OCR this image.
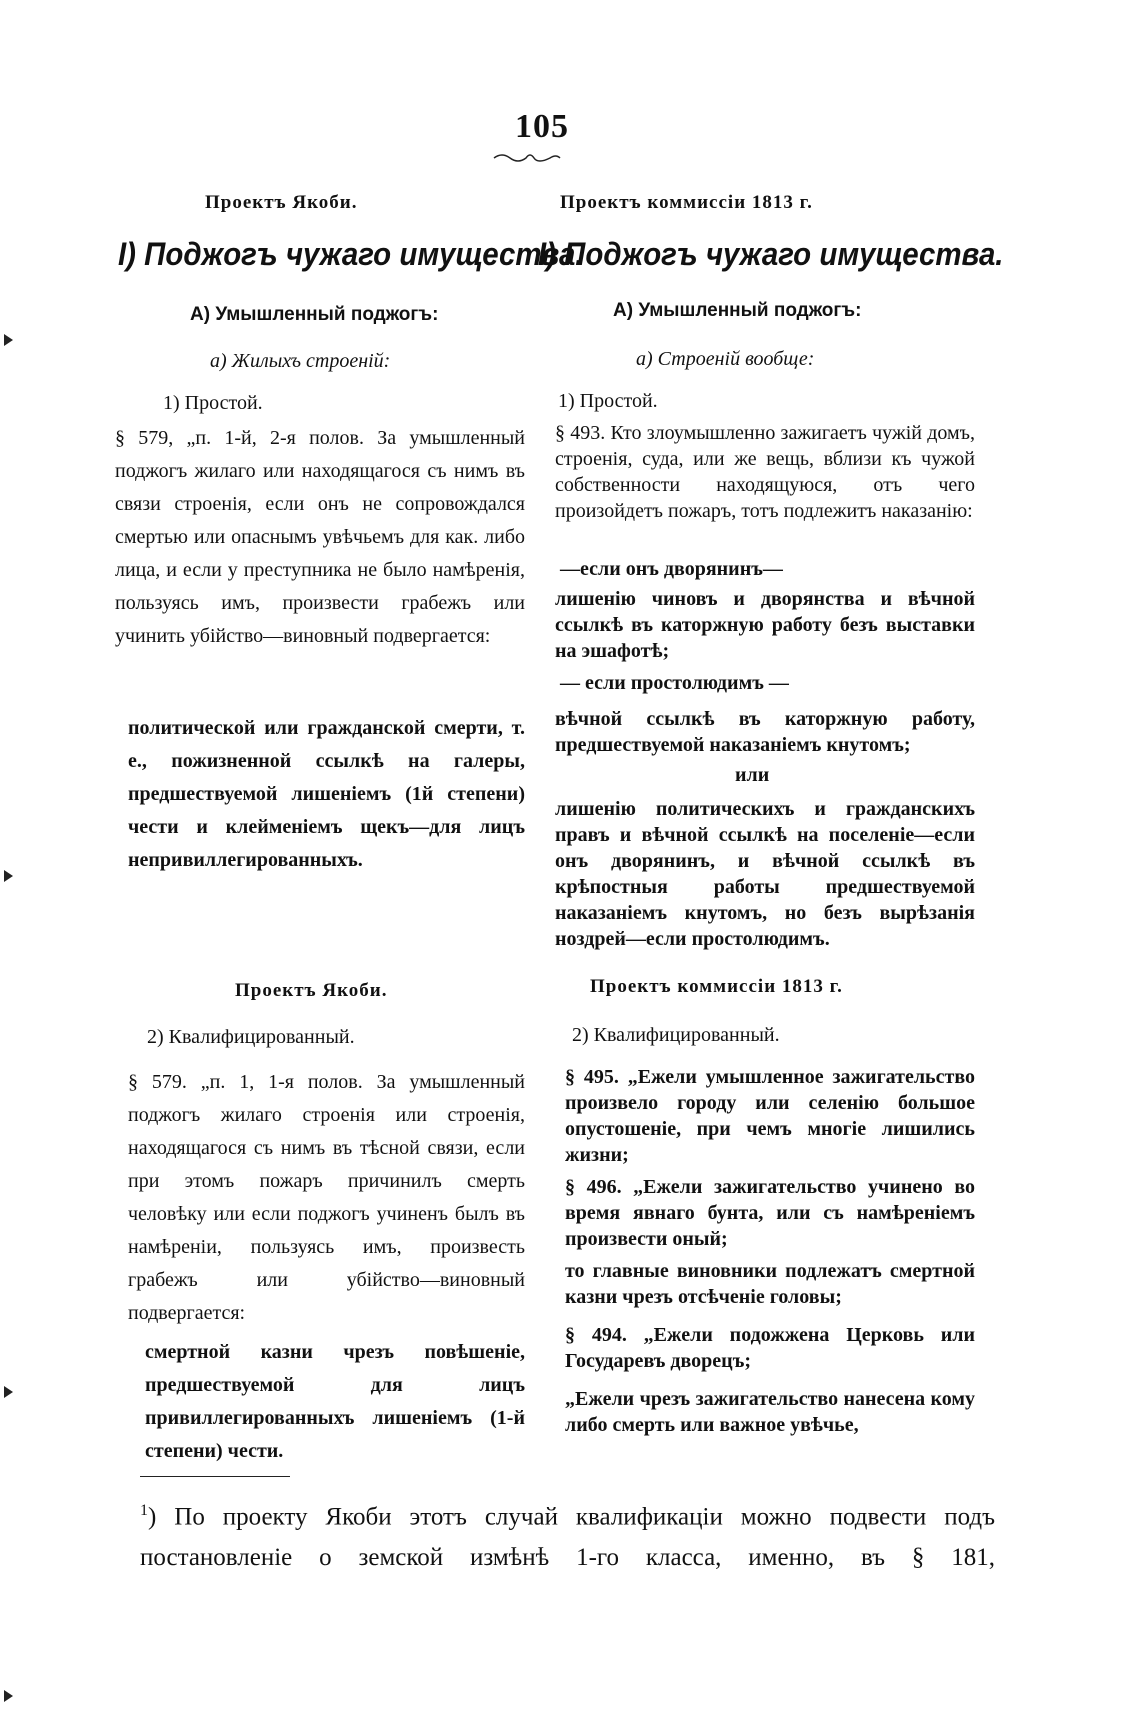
105
Проектъ Якоби.	Проектъ коммиссіи 1813 г.
I) Поджогъ чужаго имущества.
I) Поджогъ чужаго имущества.
А) Умышленный поджогъ:	А) Умышленный поджогъ:
а) Жилыхъ строеній:	а) Строеній вообще:
1) Простой.
§ 579, „п. 1-й, 2-я полов. За умышленный поджогъ жилаго или находящагося съ нимъ въ связи строенія, если онъ не сопровождался смертью или опаснымъ увѣчьемъ для как. либо лица, и если у преступника не было намѣренія, пользуясь имъ, произвести грабежъ или учинить убійство—виновный подвергается:
политической или гражданской смерти, т. е., пожизненной ссылкѣ на галеры, предшествуемой лишеніемъ (1й степени) чести и клейменіемъ щекъ—для лицъ непривиллегированныхъ.
1) Простой.
§ 493. Кто злоумышленно зажигаетъ чужій домъ, строенія, суда, или же вещь, вблизи къ чужой собственности находящуюся, отъ чего произойдетъ пожаръ, тотъ подлежитъ наказанію:
—если онъ дворянинъ—
лишенію чиновъ и дворянства и вѣчной ссылкѣ въ каторжную работу безъ выставки на эшафотѣ;
— если простолюдимъ —
вѣчной ссылкѣ въ каторжную работу, предшествуемой наказаніемъ кнутомъ;
или
лишенію политическихъ и гражданскихъ правъ и вѣчной ссылкѣ на поселеніе—если онъ дворянинъ, и вѣчной ссылкѣ въ крѣпостныя работы предшествуемой наказаніемъ кнутомъ, но безъ вырѣзанія ноздрей—если простолюдимъ.
Проектъ Якоби.	Проектъ коммиссіи 1813 г.
2) Квалифицированный.
§ 579. „п. 1, 1-я полов. За умышленный поджогъ жилаго строенія или строенія, находящагося съ нимъ въ тѣсной связи, если при этомъ пожаръ причинилъ смерть человѣку или если поджогъ учиненъ былъ въ намѣреніи, пользуясь имъ, произвесть грабежъ или убійство—виновный подвергается:
смертной казни чрезъ повѣшеніе, предшествуемой для лицъ привиллегированныхъ лишеніемъ (1-й степени) чести.
2) Квалифицированный.
§ 495. „Ежели умышленное зажигательство произвело городу или селенію большое опустошеніе, при чемъ многіе лишились жизни;
§ 496. „Ежели зажигательство учинено во время явнаго бунта, или съ намѣреніемъ произвести оный;
то главные виновники подлежатъ смертной казни чрезъ отсѣченіе головы;
§ 494. „Ежели подожжена Церковь или Государевъ дворецъ;
„Ежели чрезъ зажигательство нанесена кому либо смерть или важное увѣчье,
$^1$) По проекту Якоби этотъ случай квалификаціи можно подвести подъ постановленіе о земской измѣнѣ 1-го класса, именно, въ § 181,
